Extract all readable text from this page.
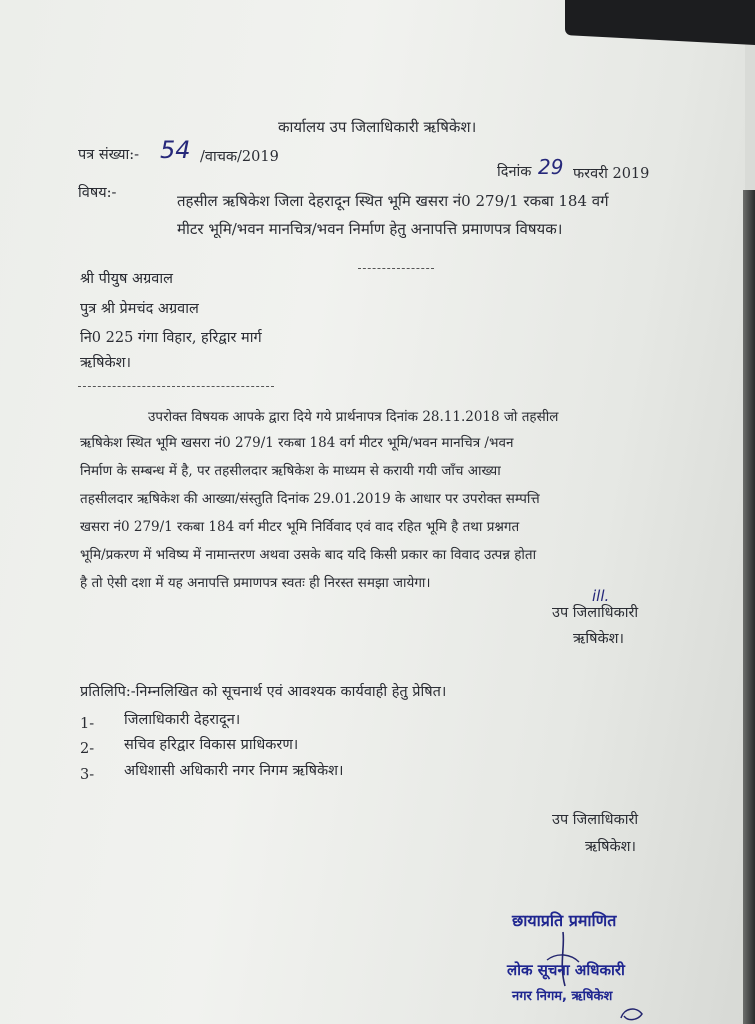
कार्यालय उप जिलाधिकारी ऋषिकेश।
पत्र संख्या:- 54 /वाचक/2019
दिनांक 29 फरवरी 2019
विषय:-	तहसील ऋषिकेश जिला देहरादून स्थित भूमि खसरा नं0 279/1 रकबा 184 वर्ग
मीटर भूमि/भवन मानचित्र/भवन निर्माण हेतु अनापत्ति प्रमाणपत्र विषयक।
श्री पीयुष अग्रवाल
पुत्र श्री प्रेमचंद अग्रवाल
नि0 225 गंगा विहार, हरिद्वार मार्ग
ऋषिकेश।
उपरोक्त विषयक आपके द्वारा दिये गये प्रार्थनापत्र दिनांक 28.11.2018 जो तहसील
ऋषिकेश स्थित भूमि खसरा नं0 279/1 रकबा 184 वर्ग मीटर भूमि/भवन मानचित्र /भवन
निर्माण के सम्बन्ध में है, पर तहसीलदार ऋषिकेश के माध्यम से करायी गयी जाँच आख्या
तहसीलदार ऋषिकेश की आख्या/संस्तुति दिनांक 29.01.2019 के आधार पर उपरोक्त सम्पत्ति
खसरा नं0 279/1 रकबा 184 वर्ग मीटर भूमि निर्विवाद एवं वाद रहित भूमि है तथा प्रश्नगत
भूमि/प्रकरण में भविष्य में नामान्तरण अथवा उसके बाद यदि किसी प्रकार का विवाद उत्पन्न होता
है तो ऐसी दशा में यह अनापत्ति प्रमाणपत्र स्वतः ही निरस्त समझा जायेगा।
ill.
उप जिलाधिकारी
ऋषिकेश।
प्रतिलिपि:-निम्नलिखित को सूचनार्थ एवं आवश्यक कार्यवाही हेतु प्रेषित।
1- जिलाधिकारी देहरादून।
2- सचिव हरिद्वार विकास प्राधिकरण।
3- अधिशासी अधिकारी नगर निगम ऋषिकेश।
उप जिलाधिकारी
ऋषिकेश।
छायाप्रति प्रमाणित
लोक सूचना अधिकारी
नगर निगम, ऋषिकेश
